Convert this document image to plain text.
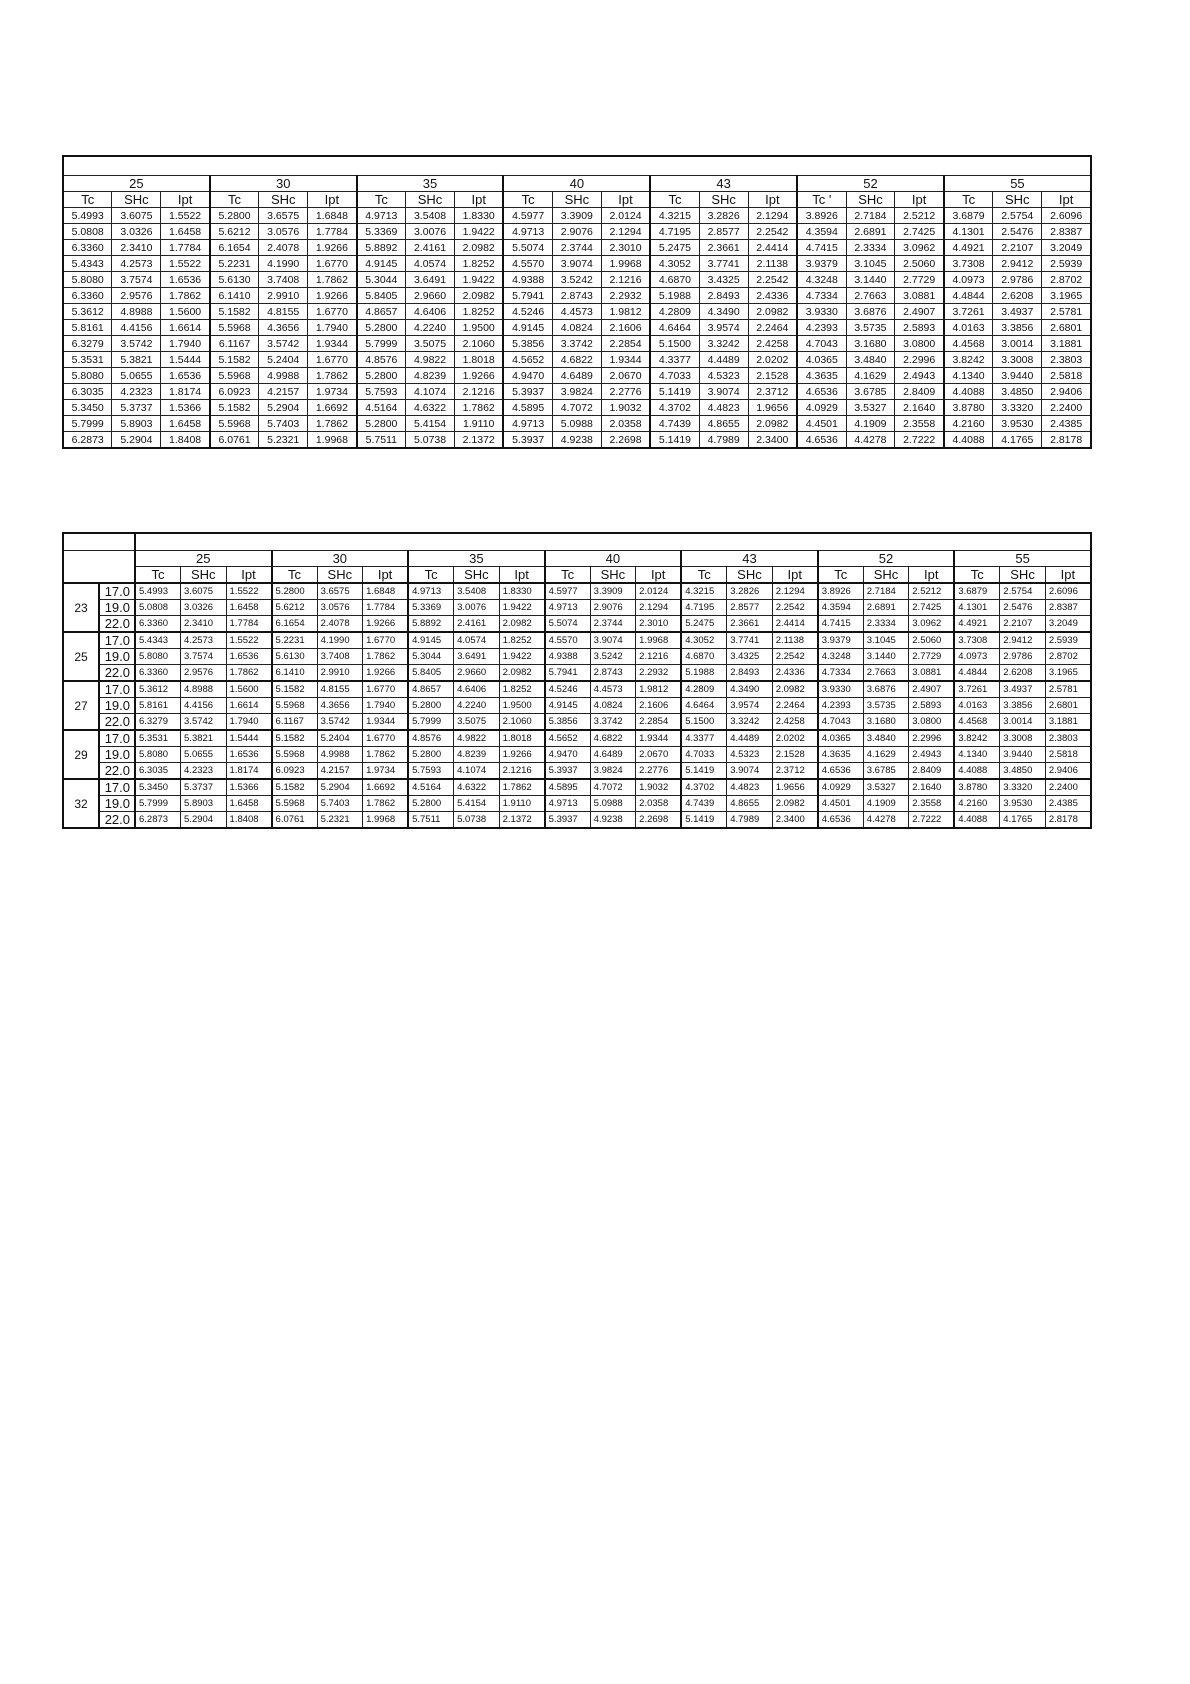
25			30			35			40			43			52			55		
Tc	SHc	Ipt	Tc	SHc	Ipt	Tc	SHc	Ipt	Tc	SHc	Ipt	Tc	SHc	Ipt	Tc '	SHc	Ipt	Tc	SHc	Ipt
5.4993	3.6075	1.5522	5.2800	3.6575	1.6848	4.9713	3.5408	1.8330	4.5977	3.3909	2.0124	4.3215	3.2826	2.1294	3.8926	2.7184	2.5212	3.6879	2.5754	2.6096
5.0808	3.0326	1.6458	5.6212	3.0576	1.7784	5.3369	3.0076	1.9422	4.9713	2.9076	2.1294	4.7195	2.8577	2.2542	4.3594	2.6891	2.7425	4.1301	2.5476	2.8387
6.3360	2.3410	1.7784	6.1654	2.4078	1.9266	5.8892	2.4161	2.0982	5.5074	2.3744	2.3010	5.2475	2.3661	2.4414	4.7415	2.3334	3.0962	4.4921	2.2107	3.2049
5.4343	4.2573	1.5522	5.2231	4.1990	1.6770	4.9145	4.0574	1.8252	4.5570	3.9074	1.9968	4.3052	3.7741	2.1138	3.9379	3.1045	2.5060	3.7308	2.9412	2.5939
5.8080	3.7574	1.6536	5.6130	3.7408	1.7862	5.3044	3.6491	1.9422	4.9388	3.5242	2.1216	4.6870	3.4325	2.2542	4.3248	3.1440	2.7729	4.0973	2.9786	2.8702
6.3360	2.9576	1.7862	6.1410	2.9910	1.9266	5.8405	2.9660	2.0982	5.7941	2.8743	2.2932	5.1988	2.8493	2.4336	4.7334	2.7663	3.0881	4.4844	2.6208	3.1965
5.3612	4.8988	1.5600	5.1582	4.8155	1.6770	4.8657	4.6406	1.8252	4.5246	4.4573	1.9812	4.2809	4.3490	2.0982	3.9330	3.6876	2.4907	3.7261	3.4937	2.5781
5.8161	4.4156	1.6614	5.5968	4.3656	1.7940	5.2800	4.2240	1.9500	4.9145	4.0824	2.1606	4.6464	3.9574	2.2464	4.2393	3.5735	2.5893	4.0163	3.3856	2.6801
6.3279	3.5742	1.7940	6.1167	3.5742	1.9344	5.7999	3.5075	2.1060	5.3856	3.3742	2.2854	5.1500	3.3242	2.4258	4.7043	3.1680	3.0800	4.4568	3.0014	3.1881
5.3531	5.3821	1.5444	5.1582	5.2404	1.6770	4.8576	4.9822	1.8018	4.5652	4.6822	1.9344	4.3377	4.4489	2.0202	4.0365	3.4840	2.2996	3.8242	3.3008	2.3803
5.8080	5.0655	1.6536	5.5968	4.9988	1.7862	5.2800	4.8239	1.9266	4.9470	4.6489	2.0670	4.7033	4.5323	2.1528	4.3635	4.1629	2.4943	4.1340	3.9440	2.5818
6.3035	4.2323	1.8174	6.0923	4.2157	1.9734	5.7593	4.1074	2.1216	5.3937	3.9824	2.2776	5.1419	3.9074	2.3712	4.6536	3.6785	2.8409	4.4088	3.4850	2.9406
5.3450	5.3737	1.5366	5.1582	5.2904	1.6692	4.5164	4.6322	1.7862	4.5895	4.7072	1.9032	4.3702	4.4823	1.9656	4.0929	3.5327	2.1640	3.8780	3.3320	2.2400
5.7999	5.8903	1.6458	5.5968	5.7403	1.7862	5.2800	5.4154	1.9110	4.9713	5.0988	2.0358	4.7439	4.8655	2.0982	4.4501	4.1909	2.3558	4.2160	3.9530	2.4385
6.2873	5.2904	1.8408	6.0761	5.2321	1.9968	5.7511	5.0738	2.1372	5.3937	4.9238	2.2698	5.1419	4.7989	2.3400	4.6536	4.4278	2.7222	4.4088	4.1765	2.8178

		25			30			35			40			43			52			55		
		Tc	SHc	Ipt	Tc	SHc	Ipt	Tc	SHc	Ipt	Tc	SHc	Ipt	Tc	SHc	Ipt	Tc	SHc	Ipt	Tc	SHc	Ipt
23	17.0	5.4993	3.6075	1.5522	5.2800	3.6575	1.6848	4.9713	3.5408	1.8330	4.5977	3.3909	2.0124	4.3215	3.2826	2.1294	3.8926	2.7184	2.5212	3.6879	2.5754	2.6096
	19.0	5.0808	3.0326	1.6458	5.6212	3.0576	1.7784	5.3369	3.0076	1.9422	4.9713	2.9076	2.1294	4.7195	2.8577	2.2542	4.3594	2.6891	2.7425	4.1301	2.5476	2.8387
	22.0	6.3360	2.3410	1.7784	6.1654	2.4078	1.9266	5.8892	2.4161	2.0982	5.5074	2.3744	2.3010	5.2475	2.3661	2.4414	4.7415	2.3334	3.0962	4.4921	2.2107	3.2049
25	17.0	5.4343	4.2573	1.5522	5.2231	4.1990	1.6770	4.9145	4.0574	1.8252	4.5570	3.9074	1.9968	4.3052	3.7741	2.1138	3.9379	3.1045	2.5060	3.7308	2.9412	2.5939
	19.0	5.8080	3.7574	1.6536	5.6130	3.7408	1.7862	5.3044	3.6491	1.9422	4.9388	3.5242	2.1216	4.6870	3.4325	2.2542	4.3248	3.1440	2.7729	4.0973	2.9786	2.8702
	22.0	6.3360	2.9576	1.7862	6.1410	2.9910	1.9266	5.8405	2.9660	2.0982	5.7941	2.8743	2.2932	5.1988	2.8493	2.4336	4.7334	2.7663	3.0881	4.4844	2.6208	3.1965
27	17.0	5.3612	4.8988	1.5600	5.1582	4.8155	1.6770	4.8657	4.6406	1.8252	4.5246	4.4573	1.9812	4.2809	4.3490	2.0982	3.9330	3.6876	2.4907	3.7261	3.4937	2.5781
	19.0	5.8161	4.4156	1.6614	5.5968	4.3656	1.7940	5.2800	4.2240	1.9500	4.9145	4.0824	2.1606	4.6464	3.9574	2.2464	4.2393	3.5735	2.5893	4.0163	3.3856	2.6801
	22.0	6.3279	3.5742	1.7940	6.1167	3.5742	1.9344	5.7999	3.5075	2.1060	5.3856	3.3742	2.2854	5.1500	3.3242	2.4258	4.7043	3.1680	3.0800	4.4568	3.0014	3.1881
29	17.0	5.3531	5.3821	1.5444	5.1582	5.2404	1.6770	4.8576	4.9822	1.8018	4.5652	4.6822	1.9344	4.3377	4.4489	2.0202	4.0365	3.4840	2.2996	3.8242	3.3008	2.3803
	19.0	5.8080	5.0655	1.6536	5.5968	4.9988	1.7862	5.2800	4.8239	1.9266	4.9470	4.6489	2.0670	4.7033	4.5323	2.1528	4.3635	4.1629	2.4943	4.1340	3.9440	2.5818
	22.0	6.3035	4.2323	1.8174	6.0923	4.2157	1.9734	5.7593	4.1074	2.1216	5.3937	3.9824	2.2776	5.1419	3.9074	2.3712	4.6536	3.6785	2.8409	4.4088	3.4850	2.9406
32	17.0	5.3450	5.3737	1.5366	5.1582	5.2904	1.6692	4.5164	4.6322	1.7862	4.5895	4.7072	1.9032	4.3702	4.4823	1.9656	4.0929	3.5327	2.1640	3.8780	3.3320	2.2400
	19.0	5.7999	5.8903	1.6458	5.5968	5.7403	1.7862	5.2800	5.4154	1.9110	4.9713	5.0988	2.0358	4.7439	4.8655	2.0982	4.4501	4.1909	2.3558	4.2160	3.9530	2.4385
	22.0	6.2873	5.2904	1.8408	6.0761	5.2321	1.9968	5.7511	5.0738	2.1372	5.3937	4.9238	2.2698	5.1419	4.7989	2.3400	4.6536	4.4278	2.7222	4.4088	4.1765	2.8178
